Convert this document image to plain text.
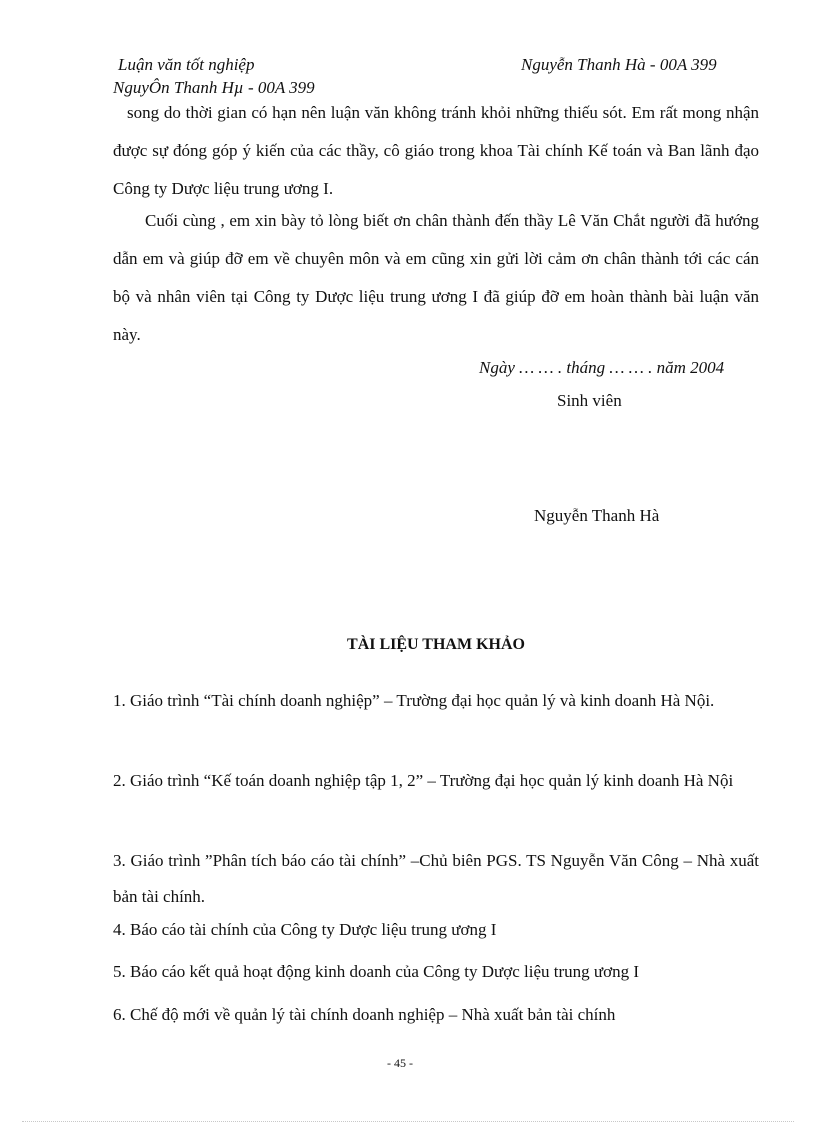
Luận văn tốt nghiệp	Nguyễn Thanh Hà - 00A 399
NguyÔn Thanh Hµ - 00A 399
song do thời gian có hạn nên luận văn không tránh khỏi những thiếu sót. Em rất mong nhận được sự đóng góp ý kiến của các thầy, cô giáo trong khoa Tài chính Kế toán và Ban lãnh đạo Công ty Dược liệu trung ương I.
Cuối cùng , em xin bày tỏ lòng biết ơn chân thành đến thầy Lê Văn Chắt người đã hướng dẫn em và giúp đỡ em về chuyên môn và em cũng xin gửi lời cảm ơn chân thành tới các cán bộ và nhân viên tại Công ty Dược liệu trung ương I đã giúp đỡ em hoàn thành bài luận văn này.
Ngày … … . tháng … … . năm 2004
Sinh viên
Nguyễn Thanh Hà
TÀI LIỆU THAM KHẢO
1. Giáo trình “Tài chính doanh nghiệp” – Trường đại học quản lý và kinh doanh Hà Nội.
2. Giáo trình “Kế toán doanh nghiệp tập 1, 2” – Trường đại học quản lý kinh doanh Hà Nội
3. Giáo trình ”Phân tích báo cáo tài chính” –Chủ biên PGS. TS Nguyễn Văn Công – Nhà xuất bản tài chính.
4. Báo cáo tài chính của Công ty Dược liệu trung ương I
5. Báo cáo kết quả hoạt động kinh doanh của Công ty Dược liệu trung ương I
6. Chế độ mới về quản lý tài chính doanh nghiệp – Nhà xuất bản tài chính
- 45 -
